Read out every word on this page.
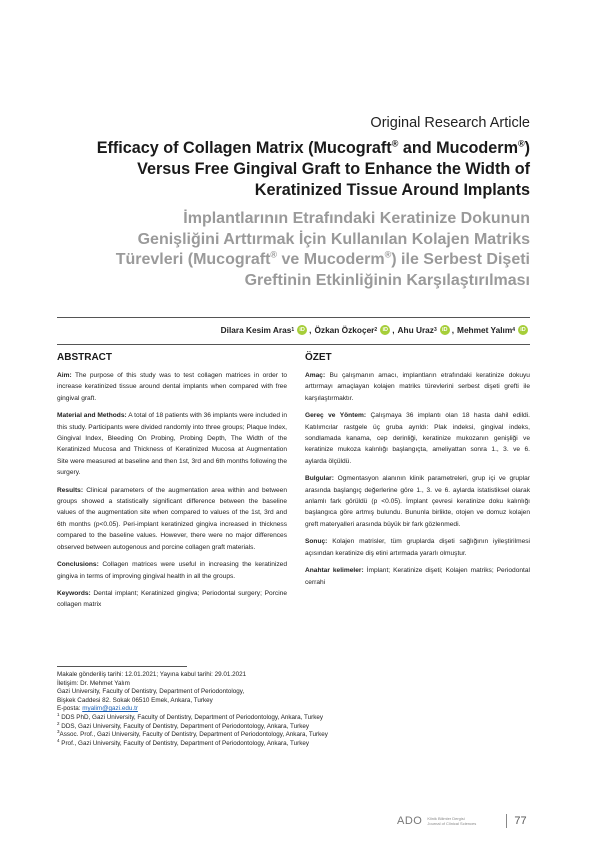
Original Research Article
Efficacy of Collagen Matrix (Mucograft® and Mucoderm®)
Versus Free Gingival Graft to Enhance the Width of
Keratinized Tissue Around Implants
İmplantlarının Etrafındaki Keratinize Dokunun
Genişliğini Arttırmak İçin Kullanılan Kolajen Matriks
Türevleri (Mucograft® ve Mucoderm®) ile Serbest Dişeti
Greftinin Etkinliğinin Karşılaştırılması
Dilara Kesim Aras 1 iD , Özkan Özkoçer 2 iD , Ahu Uraz 3 iD , Mehmet Yalım 4 iD
ABSTRACT

Aim: The purpose of this study was to test collagen matrices in order to increase keratinized tissue around dental implants when compared with free gingival graft.

Material and Methods: A total of 18 patients with 36 implants were included in this study. Participants were divided randomly into three groups; Plaque Index, Gingival Index, Bleeding On Probing, Probing Depth, The Width of the Keratinized Mucosa and Thickness of Keratinized Mucosa at Augmentation Site were measured at baseline and then 1st, 3rd and 6th months following the surgery.

Results: Clinical parameters of the augmentation area within and between groups showed a statistically significant difference between the baseline values of the augmentation site when compared to values of the 1st, 3rd and 6th months (p<0.05). Peri-implant keratinized gingiva increased in thickness compared to the baseline values. However, there were no major differences observed between autogenous and porcine collagen graft materials.

Conclusions: Collagen matrices were useful in increasing the keratinized gingiva in terms of improving gingival health in all the groups.

Keywords: Dental implant; Keratinized gingiva; Periodontal surgery; Porcine collagen matrix

ÖZET

Amaç: Bu çalışmanın amacı, implantların etrafındaki keratinize dokuyu arttırmayı amaçlayan kolajen matriks türevlerini serbest dişeti grefti ile karşılaştırmaktır.

Gereç ve Yöntem: Çalışmaya 36 implantı olan 18 hasta dahil edildi. Katılımcılar rastgele üç gruba ayrıldı: Plak indeksi, gingival indeks, sondlamada kanama, cep derinliği, keratinize mukozanın genişliği ve keratinize mukoza kalınlığı başlangıçta, ameliyattan sonra 1., 3. ve 6. aylarda ölçüldü.

Bulgular: Ogmentasyon alanının klinik parametreleri, grup içi ve gruplar arasında başlangıç değerlerine göre 1., 3. ve 6. aylarda istatistiksel olarak anlamlı fark görüldü (p <0.05). İmplant çevresi keratinize doku kalınlığı başlangıca göre artmış bulundu. Bununla birlikte, otojen ve domuz kolajen greft materyalleri arasında büyük bir fark gözlenmedi.

Sonuç: Kolajen matrisler, tüm gruplarda dişeti sağlığının iyileştirilmesi açısından keratinize diş etini artırmada yararlı olmuştur.

Anahtar kelimeler: İmplant; Keratinize dişeti; Kolajen matriks; Periodontal cerrahi

Makale gönderiliş tarihi: 12.01.2021; Yayına kabul tarihi: 29.01.2021
İletişim: Dr. Mehmet Yalım
Gazi University, Faculty of Dentistry, Department of Periodontology,
Bişkek Caddesi 82. Sokak 06510 Emek, Ankara, Turkey
E-posta: myalim@gazi.edu.tr
$^1$ DDS PhD, Gazi University, Faculty of Dentistry, Department of Periodontology, Ankara, Turkey
$^2$ DDS, Gazi University, Faculty of Dentistry, Department of Periodontology, Ankara, Turkey
$^3$Assoc. Prof., Gazi University, Faculty of Dentistry, Department of Periodontology, Ankara, Turkey
$^4$ Prof., Gazi University, Faculty of Dentistry, Department of Periodontology, Ankara, Turkey
ADO Klinik Bilimler Dergisi
Journal of Clinical Sciences	77
